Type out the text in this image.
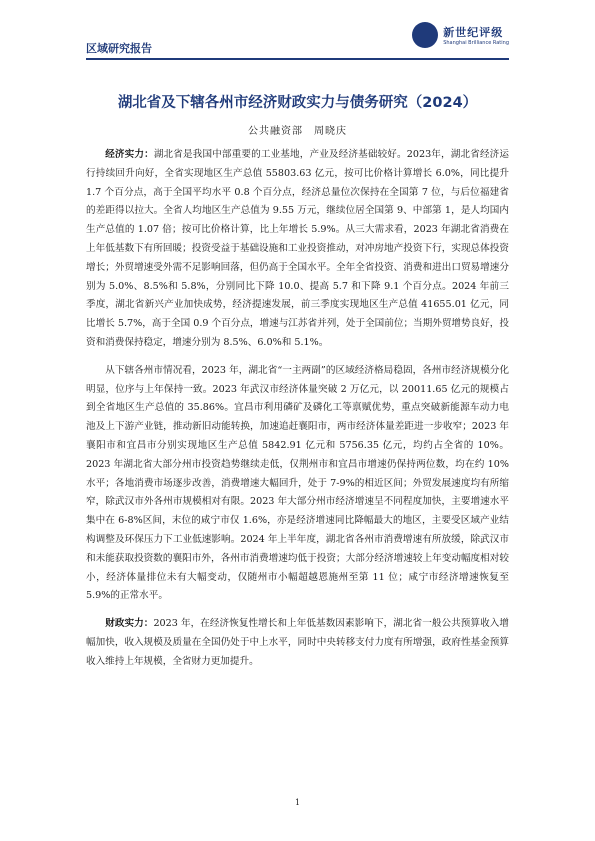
区域研究报告
新世纪评级
Shanghai Brilliance Rating
湖北省及下辖各州市经济财政实力与债务研究（2024）
公共融资部　周晓庆

经济实力：湖北省是我国中部重要的工业基地，产业及经济基础较好。2023年，湖北省经济运行持续回升向好，全省实现地区生产总值 55803.63 亿元，按可比价格计算增长 6.0%，同比提升 1.7 个百分点，高于全国平均水平 0.8 个百分点，经济总量位次保持在全国第 7 位，与后位福建省的差距得以拉大。全省人均地区生产总值为 9.55 万元，继续位居全国第 9、中部第 1，是人均国内生产总值的 1.07 倍；按可比价格计算，比上年增长 5.9%。从三大需求看，2023 年湖北省消费在上年低基数下有所回暖；投资受益于基础设施和工业投资推动，对冲房地产投资下行，实现总体投资增长；外贸增速受外需不足影响回落，但仍高于全国水平。全年全省投资、消费和进出口贸易增速分别为 5.0%、8.5%和 5.8%，分别同比下降 10.0、提高 5.7 和下降 9.1 个百分点。2024 年前三季度，湖北省新兴产业加快成势，经济提速发展，前三季度实现地区生产总值 41655.01 亿元，同比增长 5.7%，高于全国 0.9 个百分点，增速与江苏省并列，处于全国前位；当期外贸增势良好，投资和消费保持稳定，增速分别为 8.5%、6.0%和 5.1%。

从下辖各州市情况看，2023 年，湖北省“一主两副”的区域经济格局稳固，各州市经济规模分化明显，位序与上年保持一致。2023 年武汉市经济体量突破 2 万亿元，以 20011.65 亿元的规模占到全省地区生产总值的 35.86%。宜昌市利用磷矿及磷化工等禀赋优势，重点突破新能源车动力电池及上下游产业链，推动新旧动能转换，加速追赶襄阳市，两市经济体量差距进一步收窄；2023 年襄阳市和宜昌市分别实现地区生产总值 5842.91 亿元和 5756.35 亿元，均约占全省的 10%。2023 年湖北省大部分州市投资趋势继续走低，仅荆州市和宜昌市增速仍保持两位数，均在约 10%水平；各地消费市场逐步改善，消费增速大幅回升，处于 7-9%的相近区间；外贸发展速度均有所缩窄，除武汉市外各州市规模相对有限。2023 年大部分州市经济增速呈不同程度加快，主要增速水平集中在 6-8%区间，末位的咸宁市仅 1.6%，亦是经济增速同比降幅最大的地区，主要受区域产业结构调整及环保压力下工业低速影响。2024 年上半年度，湖北省各州市消费增速有所放缓，除武汉市和未能获取投资数的襄阳市外，各州市消费增速均低于投资；大部分经济增速较上年变动幅度相对较小，经济体量排位未有大幅变动，仅随州市小幅超越恩施州至第 11 位；咸宁市经济增速恢复至 5.9%的正常水平。

财政实力：2023 年，在经济恢复性增长和上年低基数因素影响下，湖北省一般公共预算收入增幅加快，收入规模及质量在全国仍处于中上水平，同时中央转移支付力度有所增强，政府性基金预算收入维持上年规模，全省财力更加提升。

1
